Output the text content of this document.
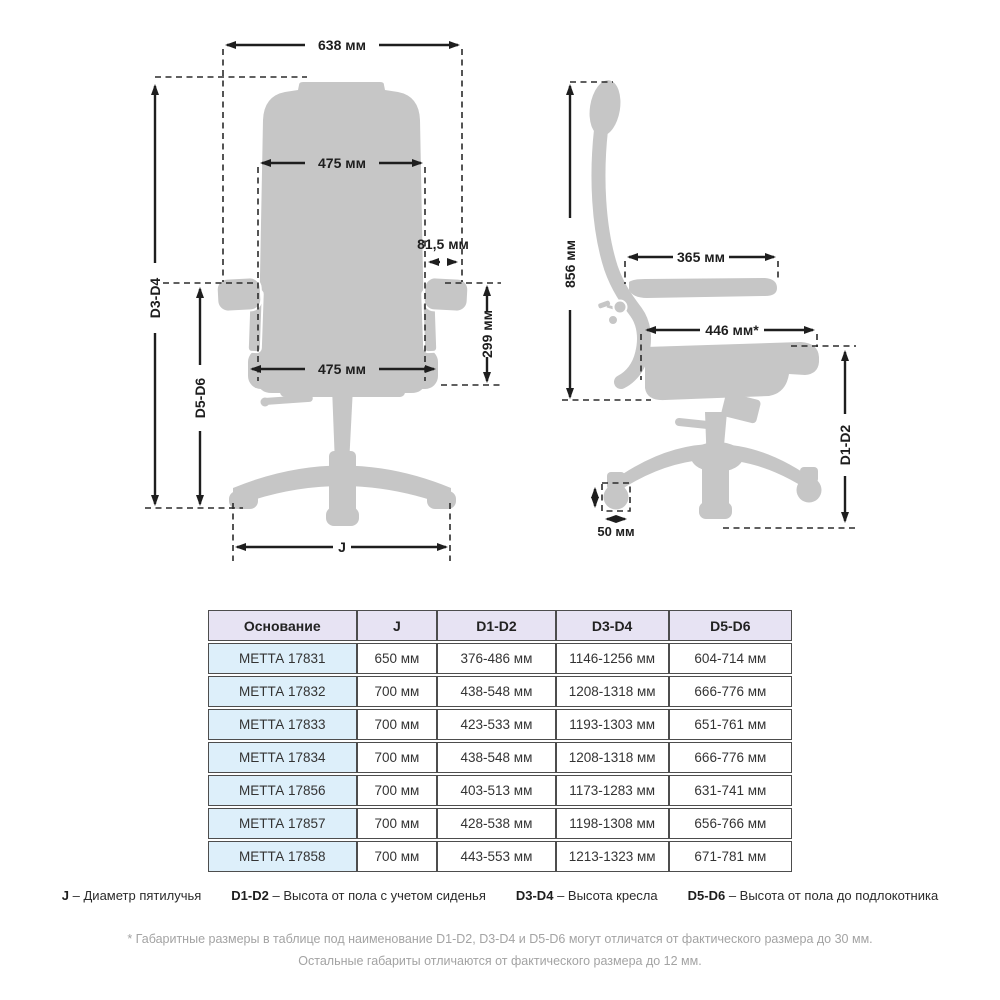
638 мм
D3-D4
D5-D6
475 мм
81,5 мм
299 мм
475 мм
J
856 мм	365 мм
446 мм*
D1-D2
50 мм
Основание	J	D1-D2	D3-D4	D5-D6
МЕТТА 17831	650 мм	376-486 мм	1146-1256 мм	604-714 мм
МЕТТА 17832	700 мм	438-548 мм	1208-1318 мм	666-776 мм
МЕТТА 17833	700 мм	423-533 мм	1193-1303 мм	651-761 мм
МЕТТА 17834	700 мм	438-548 мм	1208-1318 мм	666-776 мм
МЕТТА 17856	700 мм	403-513 мм	1173-1283 мм	631-741 мм
МЕТТА 17857	700 мм	428-538 мм	1198-1308 мм	656-766 мм
МЕТТА 17858	700 мм	443-553 мм	1213-1323 мм	671-781 мм
J – Диаметр пятилучья D1-D2 – Высота от пола с учетом сиденья D3-D4 – Высота кресла D5-D6 – Высота от пола до подлокотника
* Габаритные размеры в таблице под наименование D1-D2, D3-D4 и D5-D6 могут отличатся от фактического размера до 30 мм.
Остальные габариты отличаются от фактического размера до 12 мм.
